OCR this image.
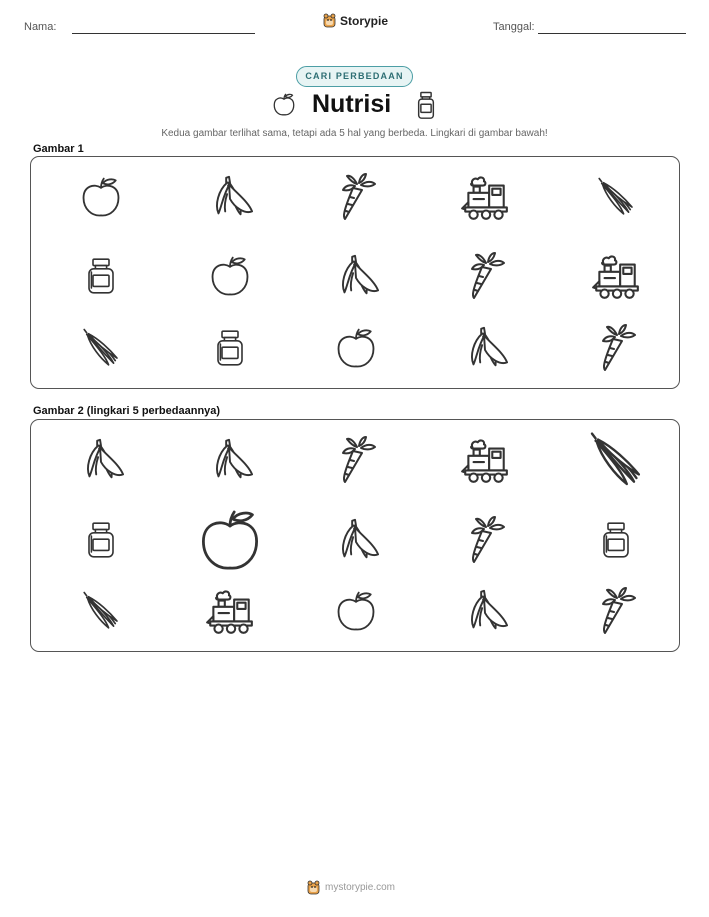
Nama:	Storypie	Tanggal:
CARI PERBEDAAN
Nutrisi
Kedua gambar terlihat sama, tetapi ada 5 hal yang berbeda. Lingkari di gambar bawah!
Gambar 1
Gambar 2 (lingkari 5 perbedaannya)
mystorypie.com
